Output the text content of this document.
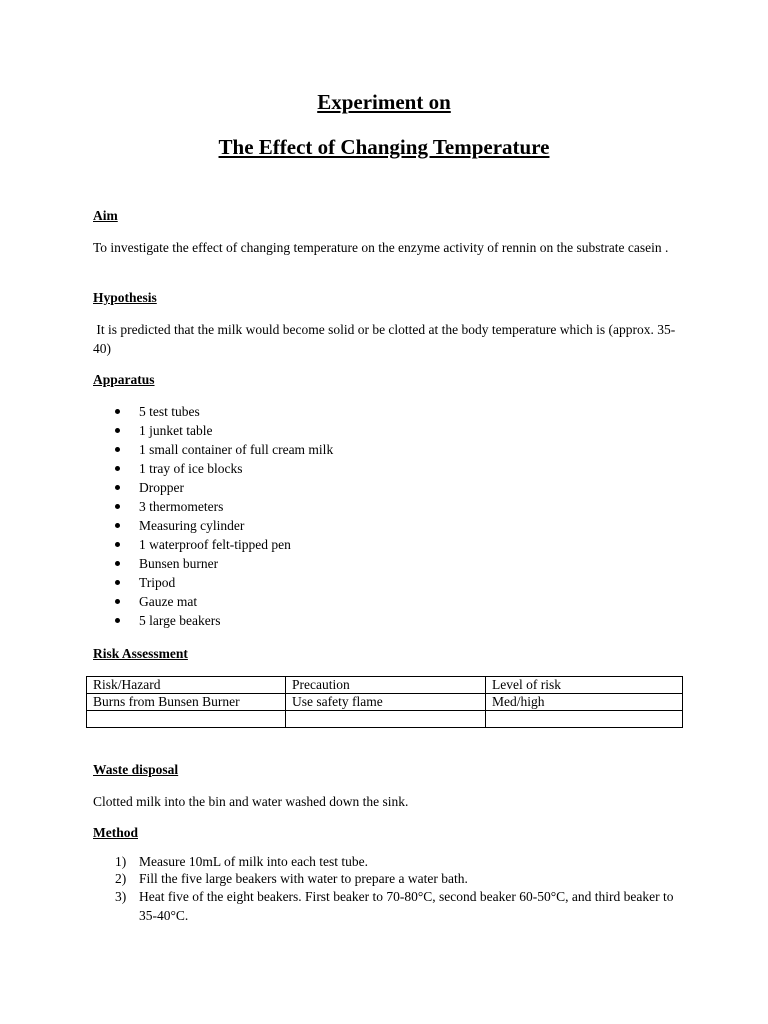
Experiment on
The Effect of Changing Temperature
Aim
To investigate the effect of changing temperature on the enzyme activity of rennin on the substrate casein .
Hypothesis
It is predicted that the milk would become solid or be clotted at the body temperature which is (approx. 35-40)
Apparatus
5 test tubes
1 junket table
1 small container of full cream milk
1 tray of ice blocks
Dropper
3 thermometers
Measuring cylinder
1 waterproof felt-tipped pen
Bunsen burner
Tripod
Gauze mat
5 large beakers
Risk Assessment
Risk/Hazard	Precaution	Level of risk
Burns from Bunsen Burner	Use safety flame	Med/high

Waste disposal
Clotted milk into the bin and water washed down the sink.
Method
1) Measure 10mL of milk into each test tube.
2) Fill the five large beakers with water to prepare a water bath.
3) Heat five of the eight beakers. First beaker to 70-80°C, second beaker 60-50°C, and third beaker to 35-40°C.
